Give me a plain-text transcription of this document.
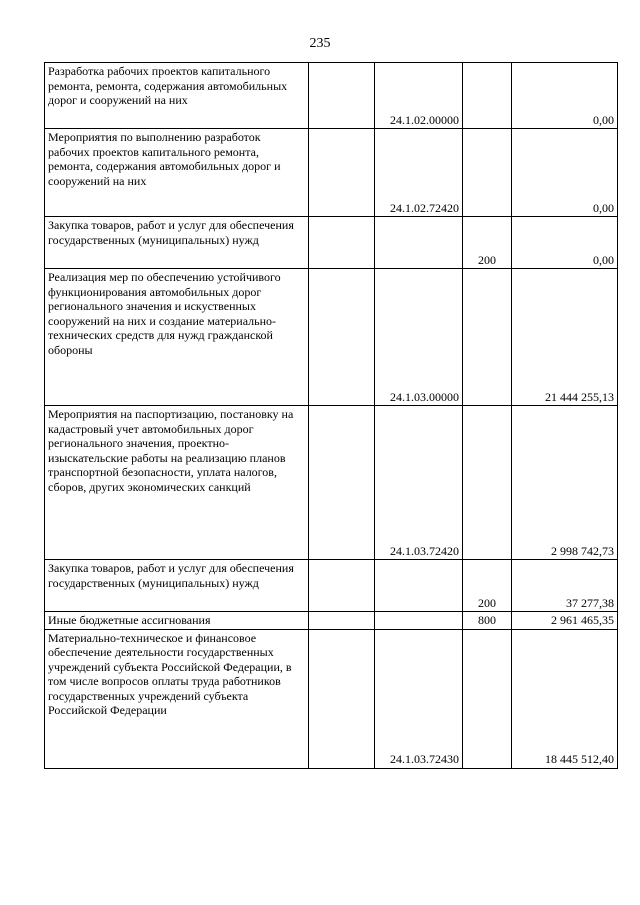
235
Разработка рабочих проектов капитального ремонта, ремонта, содержания автомобильных дорог и сооружений на них		24.1.02.00000		0,00
Мероприятия по выполнению разработок рабочих проектов капитального ремонта, ремонта, содержания автомобильных дорог и сооружений на них		24.1.02.72420		0,00
Закупка товаров, работ и услуг для обеспечения государственных (муниципальных) нужд			200	0,00
Реализация мер по обеспечению устойчивого функционирования автомобильных дорог регионального значения и искуственных сооружений на них и создание материально-технических средств для нужд гражданской обороны		24.1.03.00000		21 444 255,13
Мероприятия на паспортизацию, постановку на кадастровый учет автомобильных дорог регионального значения, проектно-изыскательские работы на реализацию планов транспортной безопасности, уплата налогов, сборов, других экономических санкций		24.1.03.72420		2 998 742,73
Закупка товаров, работ и услуг для обеспечения государственных (муниципальных) нужд			200	37 277,38
Иные бюджетные ассигнования			800	2 961 465,35
Материально-техническое и финансовое обеспечение деятельности государственных учреждений субъекта Российской Федерации, в том числе вопросов оплаты труда работников государственных учреждений субъекта Российской Федерации		24.1.03.72430		18 445 512,40
